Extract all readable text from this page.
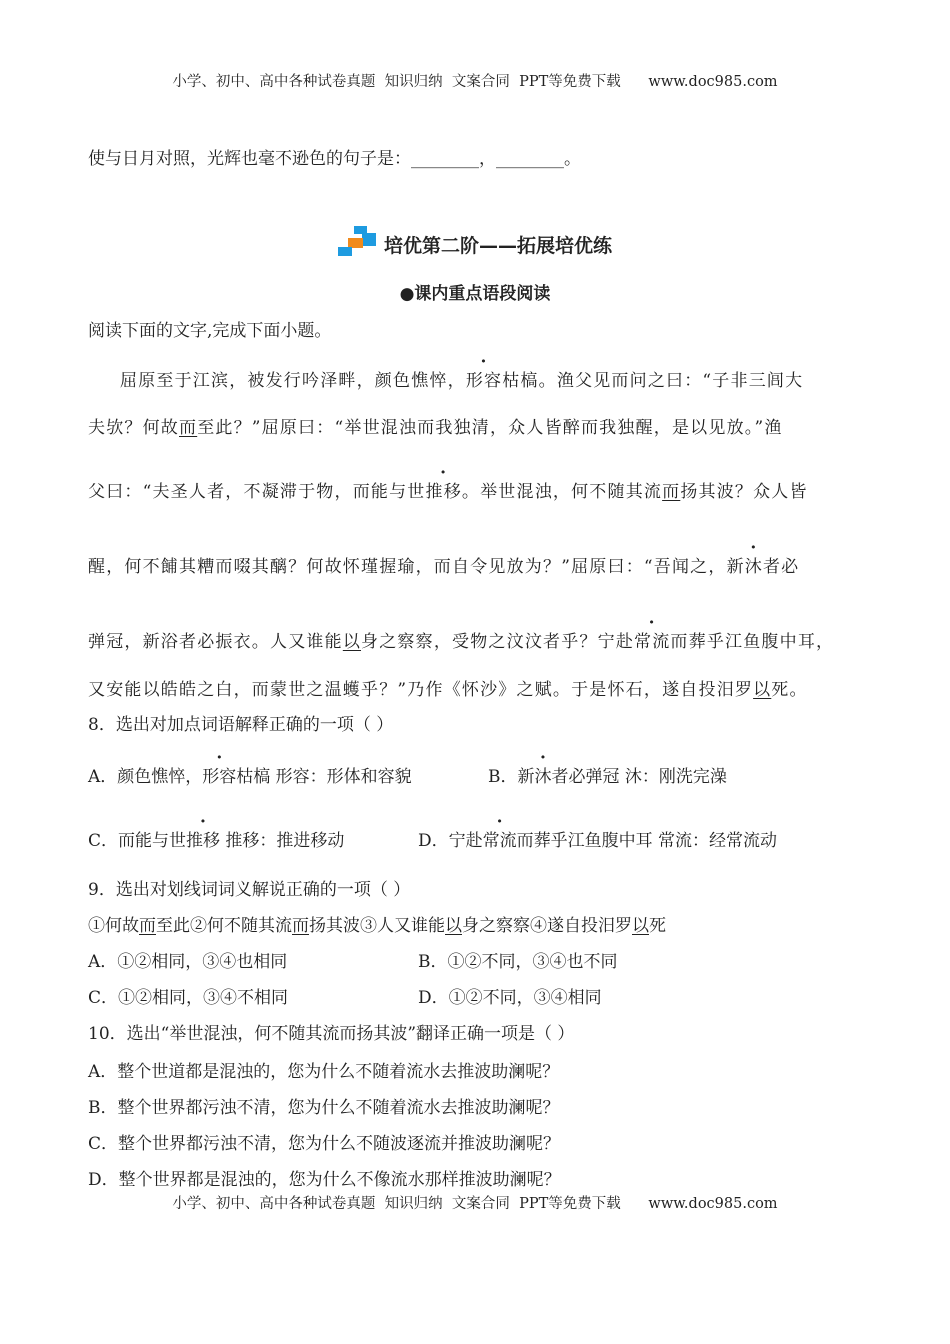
小学、初中、高中各种试卷真题  知识归纳  文案合同  PPT等免费下载      www.doc985.com
使与日月对照，光辉也毫不逊色的句子是：________，________。
培优第二阶——拓展培优练
●课内重点语段阅读
阅读下面的文字,完成下面小题。
屈原至于江滨，被发行吟泽畔，颜色憔悴，形容枯槁。渔父见而问之曰：“子非三闾大
夫欤？何故而至此？”屈原曰：“举世混浊而我独清，众人皆醉而我独醒，是以见放。”渔
父曰：“夫圣人者，不凝滞于物，而能与世推移。举世混浊，何不随其流而扬其波？众人皆
醒，何不餔其糟而啜其醨？何故怀瑾握瑜，而自令见放为？”屈原曰：“吾闻之，新沐者必
弹冠，新浴者必振衣。人又谁能以身之察察，受物之汶汶者乎？宁赴常流而葬乎江鱼腹中耳，
又安能以皓皓之白，而蒙世之温蠖乎？”乃作《怀沙》之赋。于是怀石，遂自投汨罗以死。
8．选出对加点词语解释正确的一项（ ）
A．颜色憔悴，形容枯槁 形容：形体和容貌	B．新沐者必弹冠 沐：刚洗完澡
C．而能与世推移 推移：推进移动	D．宁赴常流而葬乎江鱼腹中耳 常流：经常流动
9．选出对划线词词义解说正确的一项（ ）
①何故而至此②何不随其流而扬其波③人又谁能以身之察察④遂自投汨罗以死
A．①②相同，③④也相同	B．①②不同，③④也不同
C．①②相同，③④不相同	D．①②不同，③④相同
10．选出“举世混浊，何不随其流而扬其波”翻译正确一项是（ ）
A．整个世道都是混浊的，您为什么不随着流水去推波助澜呢？
B．整个世界都污浊不清，您为什么不随着流水去推波助澜呢？
C．整个世界都污浊不清，您为什么不随波逐流并推波助澜呢？
D．整个世界都是混浊的，您为什么不像流水那样推波助澜呢？
小学、初中、高中各种试卷真题  知识归纳  文案合同  PPT等免费下载      www.doc985.com
